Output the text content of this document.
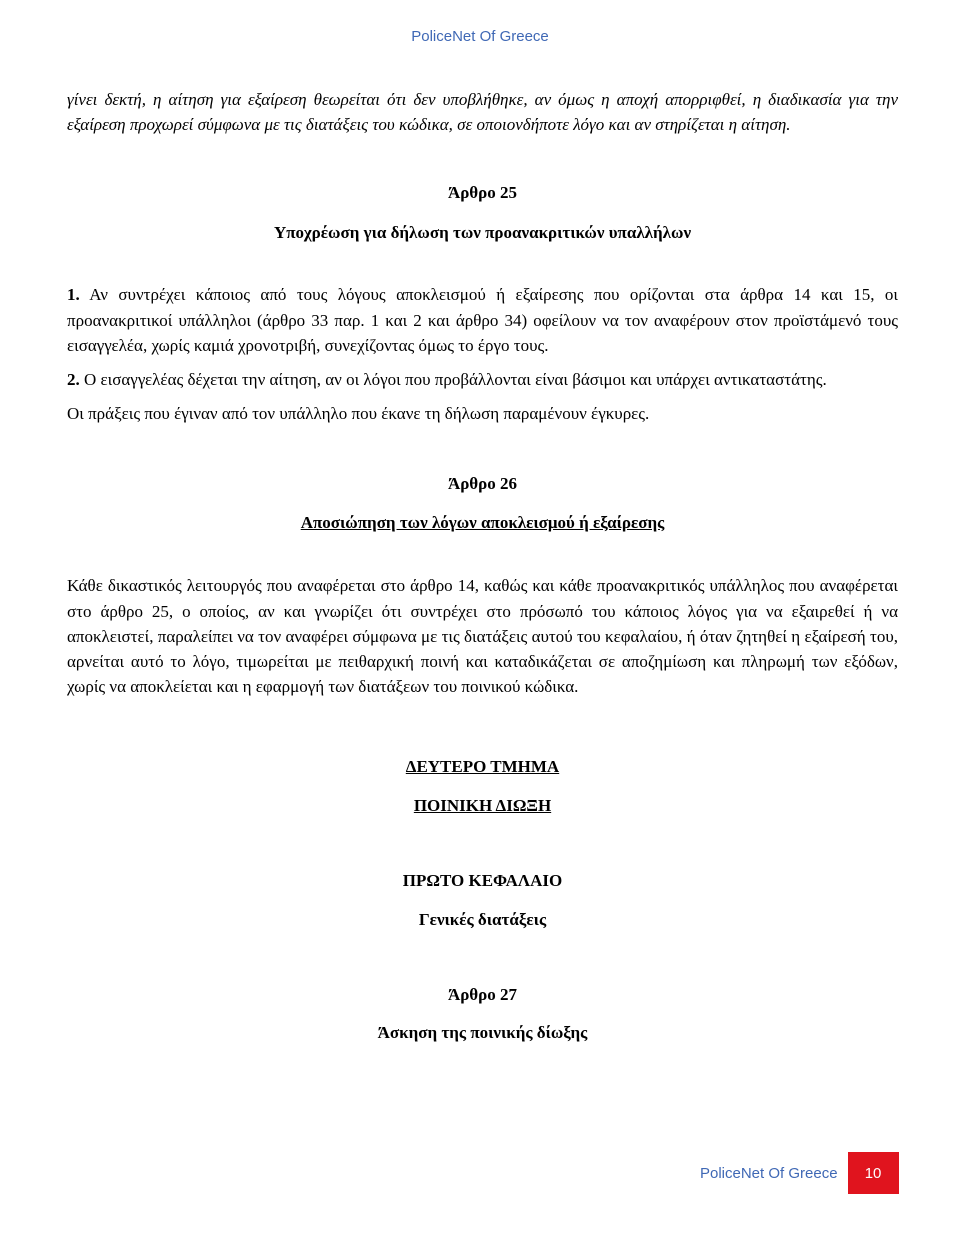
PoliceNet Of Greece

γίνει δεκτή, η αίτηση για εξαίρεση θεωρείται ότι δεν υποβλήθηκε, αν όμως η αποχή απορριφθεί, η διαδικασία για την εξαίρεση προχωρεί σύμφωνα με τις διατάξεις του κώδικα, σε οποιονδήποτε λόγο και αν στηρίζεται η αίτηση.

Άρθρο 25

Υποχρέωση για δήλωση των προανακριτικών υπαλλήλων

1. Αν συντρέχει κάποιος από τους λόγους αποκλεισμού ή εξαίρεσης που ορίζονται στα άρθρα 14 και 15, οι προανακριτικοί υπάλληλοι (άρθρο 33 παρ. 1 και 2 και άρθρο 34) οφείλουν να τον αναφέρουν στον προϊστάμενό τους εισαγγελέα, χωρίς καμιά χρονοτριβή, συνεχίζοντας όμως το έργο τους.

2. Ο εισαγγελέας δέχεται την αίτηση, αν οι λόγοι που προβάλλονται είναι βάσιμοι και υπάρχει αντικαταστάτης.

Οι πράξεις που έγιναν από τον υπάλληλο που έκανε τη δήλωση παραμένουν έγκυρες.

Άρθρο 26

Αποσιώπηση των λόγων αποκλεισμού ή εξαίρεσης

Κάθε δικαστικός λειτουργός που αναφέρεται στο άρθρο 14, καθώς και κάθε προανακριτικός υπάλληλος που αναφέρεται στο άρθρο 25, ο οποίος, αν και γνωρίζει ότι συντρέχει στο πρόσωπό του κάποιος λόγος για να εξαιρεθεί ή να αποκλειστεί, παραλείπει να τον αναφέρει σύμφωνα με τις διατάξεις αυτού του κεφαλαίου, ή όταν ζητηθεί η εξαίρεσή του, αρνείται αυτό το λόγο, τιμωρείται με πειθαρχική ποινή και καταδικάζεται σε αποζημίωση και πληρωμή των εξόδων, χωρίς να αποκλείεται και η εφαρμογή των διατάξεων του ποινικού κώδικα.

ΔΕΥΤΕΡΟ ΤΜΗΜΑ

ΠΟΙΝΙΚΗ ΔΙΩΞΗ

ΠΡΩΤΟ ΚΕΦΑΛΑΙΟ

Γενικές διατάξεις

Άρθρο 27

Άσκηση της ποινικής δίωξης

PoliceNet Of Greece 10
